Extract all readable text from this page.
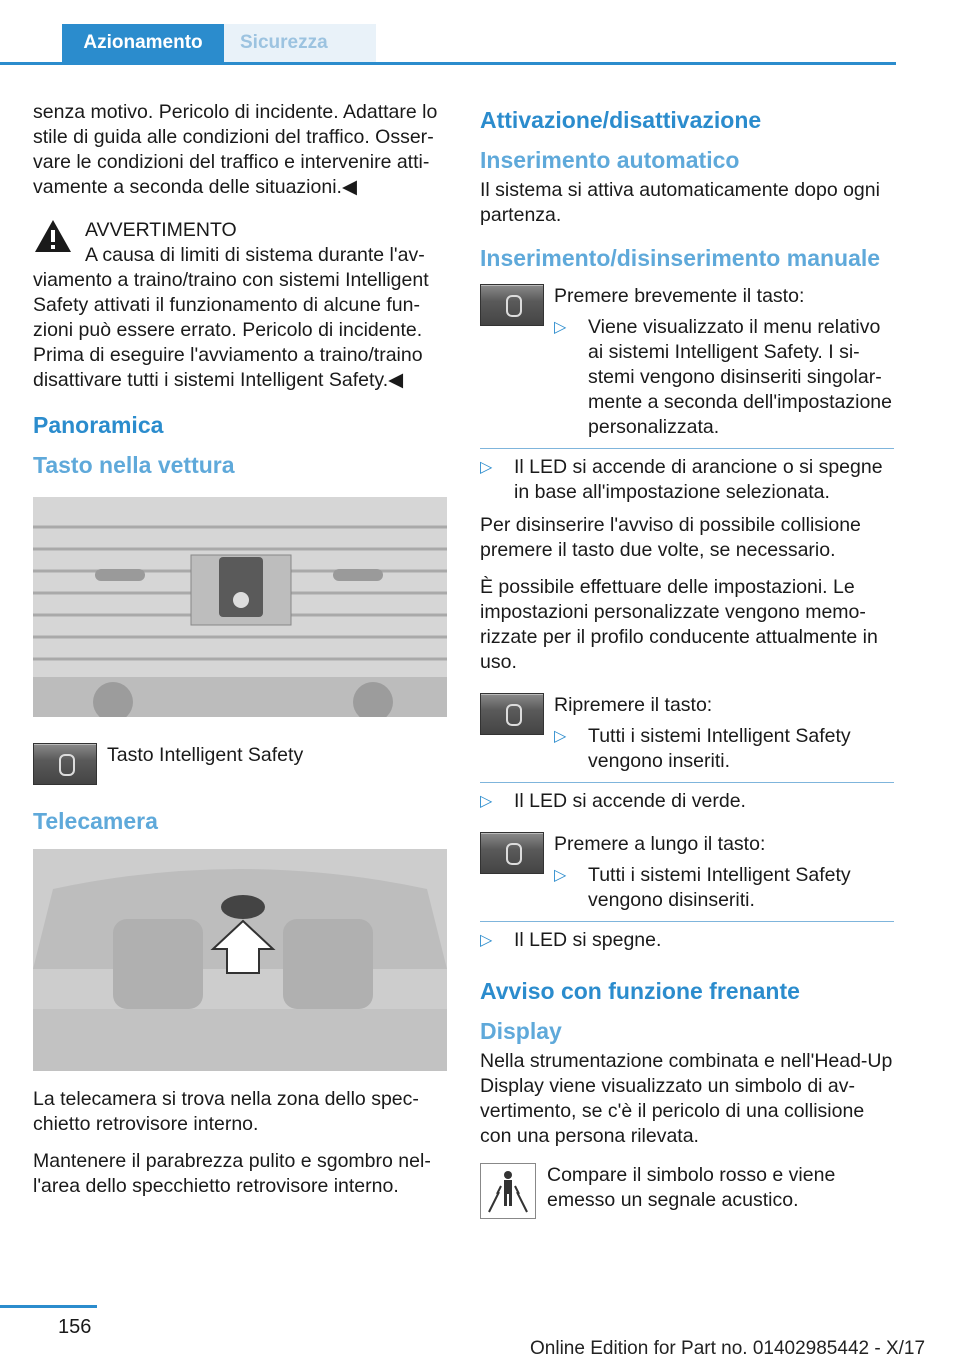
Azionamento	Sicurezza

senza motivo. Pericolo di incidente. Adattare lo stile di guida alle condizioni del traffico. Osservare le condizioni del traffico e intervenire attivamente a seconda delle situazioni.◀

AVVERTIMENTO

A causa di limiti di sistema durante l'avviamento a traino/traino con sistemi Intelligent Safety attivati il funzionamento di alcune funzioni può essere errato. Pericolo di incidente. Prima di eseguire l'avviamento a traino/traino disattivare tutti i sistemi Intelligent Safety.◀

Panoramica
Tasto nella vettura
Tasto Intelligent Safety
Telecamera

La telecamera si trova nella zona dello specchietto retrovisore interno.

Mantenere il parabrezza pulito e sgombro nell'area dello specchietto retrovisore interno.

Attivazione/disattivazione
Inserimento automatico

Il sistema si attiva automaticamente dopo ogni partenza.

Inserimento/disinserimento manuale
Premere brevemente il tasto:
▷ Viene visualizzato il menu relativo ai sistemi Intelligent Safety. I sistemi vengono disinseriti singolarmente a seconda dell'impostazione personalizzata.
▷ Il LED si accende di arancione o si spegne in base all'impostazione selezionata.

Per disinserire l'avviso di possibile collisione premere il tasto due volte, se necessario.

È possibile effettuare delle impostazioni. Le impostazioni personalizzate vengono memorizzate per il profilo conducente attualmente in uso.

Ripremere il tasto:
▷ Tutti i sistemi Intelligent Safety vengono inseriti.
▷ Il LED si accende di verde.
Premere a lungo il tasto:
▷ Tutti i sistemi Intelligent Safety vengono disinseriti.
▷ Il LED si spegne.
Avviso con funzione frenante
Display

Nella strumentazione combinata e nell'Head-Up Display viene visualizzato un simbolo di avvertimento, se c'è il pericolo di una collisione con una persona rilevata.

Compare il simbolo rosso e viene emesso un segnale acustico.
156
Online Edition for Part no. 01402985442 - X/17
